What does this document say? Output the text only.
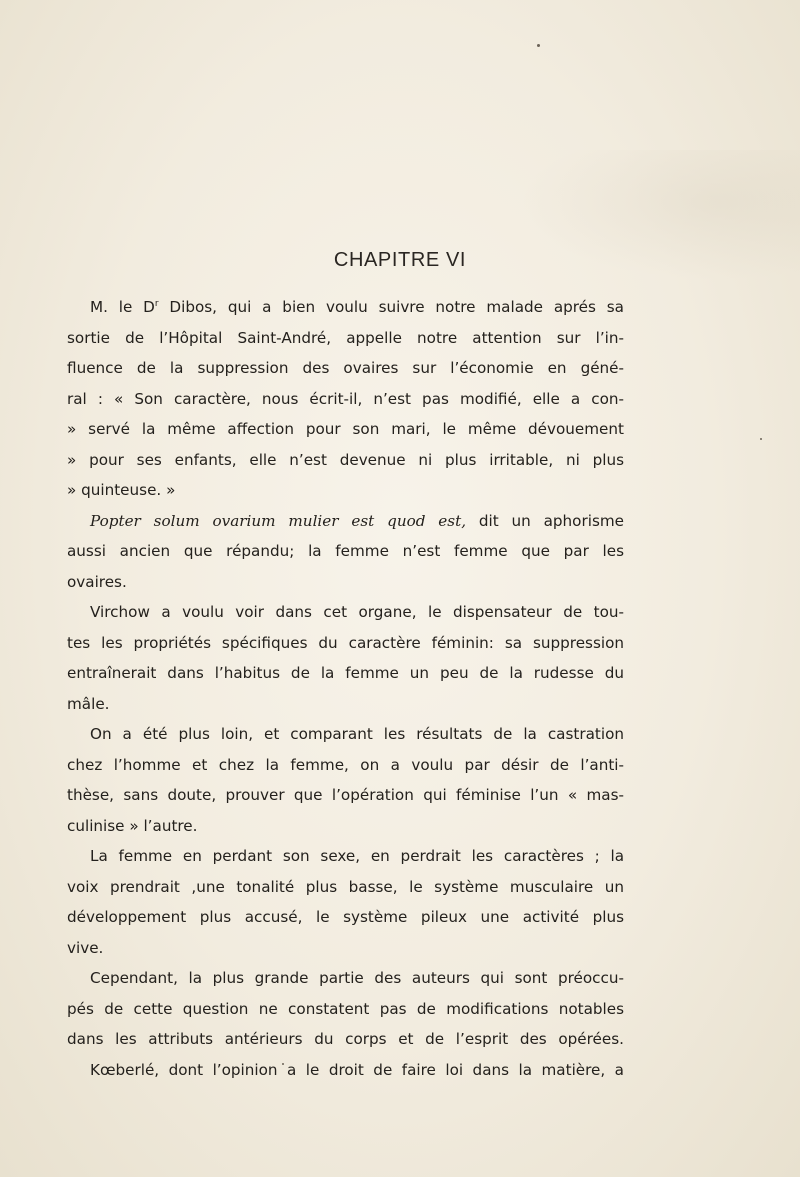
CHAPITRE VI
M. le $D^r$ Dibos, qui a bien voulu suivre notre malade aprés sa
sortie de l’Hôpital Saint-André, appelle notre attention sur l’in-
fluence de la suppression des ovaires sur l’économie en géné-
ral : « Son caractère, nous écrit-il, n’est pas modifié, elle a con-
» servé la même affection pour son mari, le même dévouement
» pour ses enfants, elle n’est devenue ni plus irritable, ni plus
» quinteuse. »
Popter solum ovarium mulier est quod est, dit un aphorisme
aussi ancien que répandu; la femme n’est femme que par les
ovaires.
Virchow a voulu voir dans cet organe, le dispensateur de tou-
tes les propriétés spécifiques du caractère féminin: sa suppression
entraînerait dans l’habitus de la femme un peu de la rudesse du
mâle.
On a été plus loin, et comparant les résultats de la castration
chez l’homme et chez la femme, on a voulu par désir de l’anti-
thèse, sans doute, prouver que l’opération qui féminise l’un « mas-
culinise » l’autre.
La femme en perdant son sexe, en perdrait les caractères ; la
voix prendrait ,une tonalité plus basse, le système musculaire un
développement plus accusé, le système pileux une activité plus
vive.
Cependant, la plus grande partie des auteurs qui sont préoccu-
pés de cette question ne constatent pas de modifications notables
dans les attributs antérieurs du corps et de l’esprit des opérées.
Kœberlé, dont l’opinion a le droit de faire loi dans la matière, a
